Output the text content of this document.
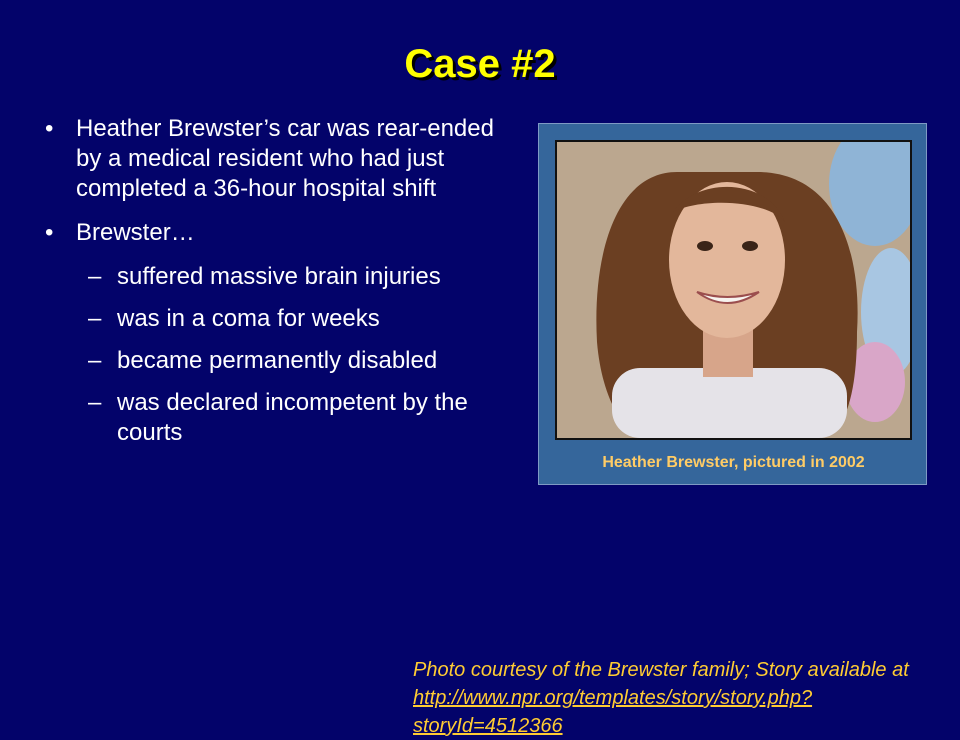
Case #2
• Heather Brewster’s car was rear-ended by a medical resident who had just completed a 36-hour hospital shift
• Brewster…
– suffered massive brain injuries
– was in a coma for weeks
– became permanently disabled
– was declared incompetent by the courts
Heather Brewster, pictured in 2002
Photo courtesy of the Brewster family; Story available at
http://www.npr.org/templates/story/story.php?storyId=4512366
